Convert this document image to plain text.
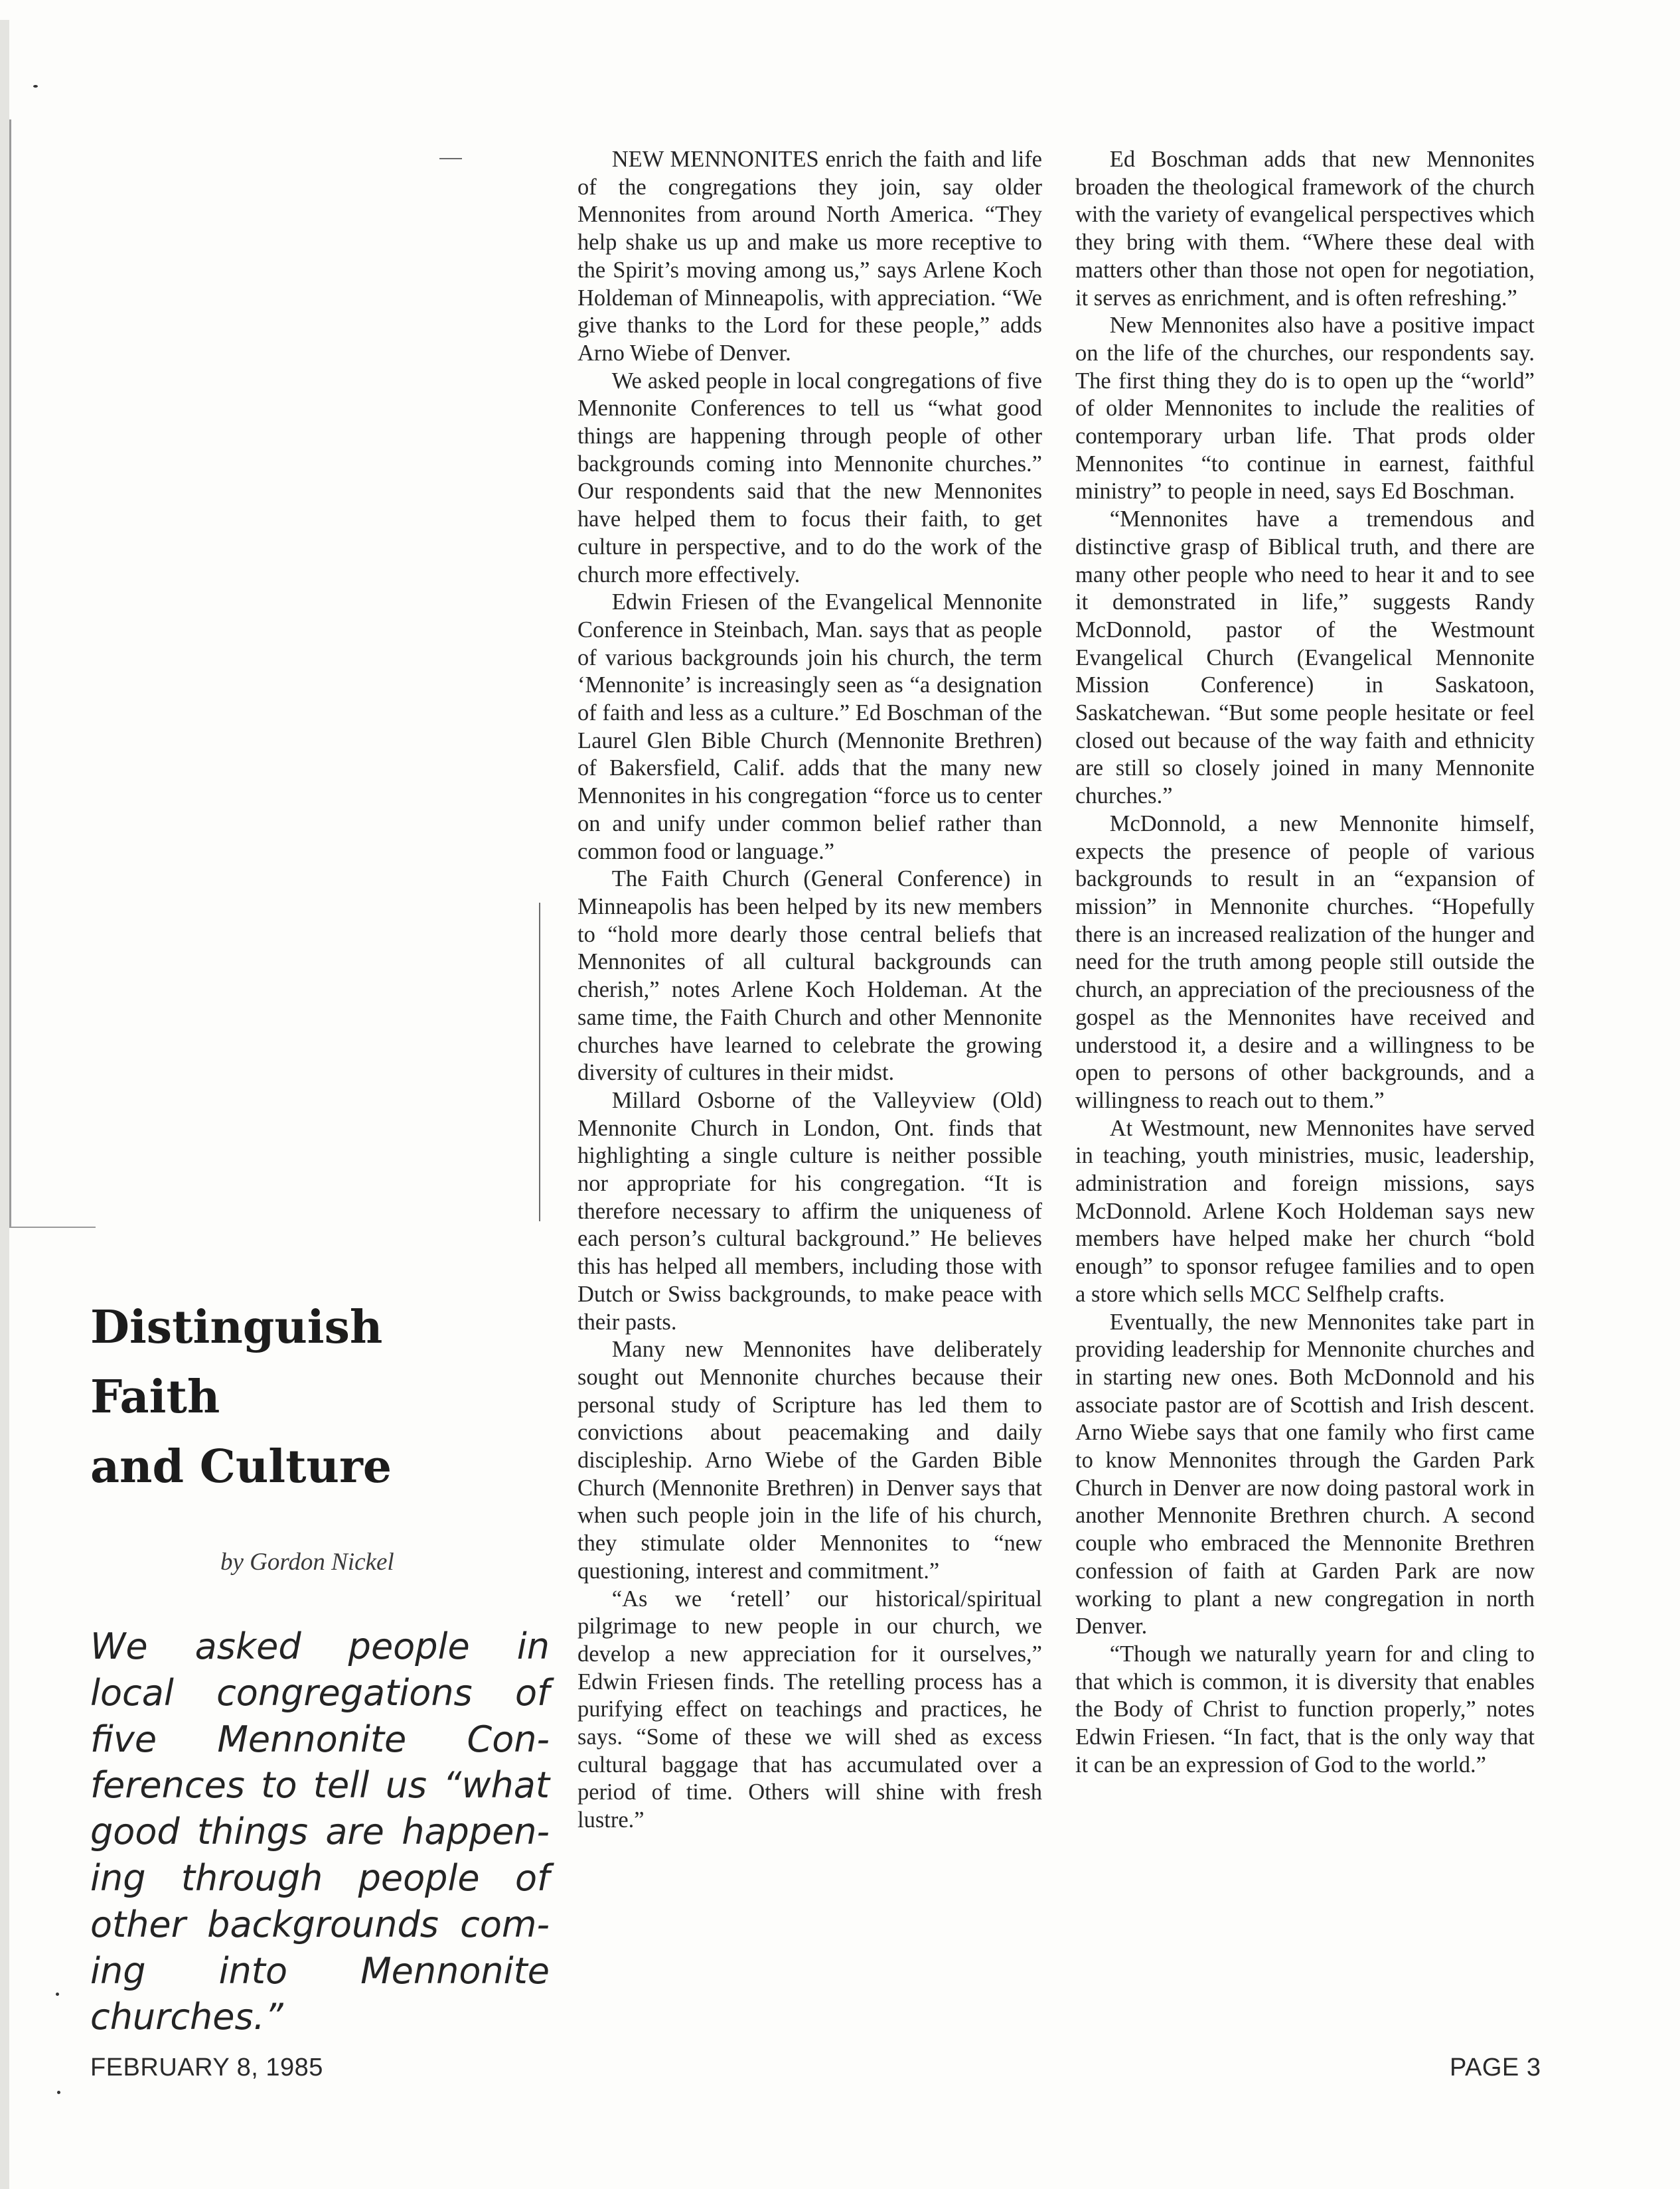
Distinguish
Faith
and Culture
by Gordon Nickel
We asked people in
local congregations of
five Mennonite Con-
ferences to tell us “what
good things are happen-
ing through people of
other backgrounds com-
ing into Mennonite
churches.”

NEW MENNONITES enrich the faith and life of the congregations they join, say older Mennonites from around North America. “They help shake us up and make us more receptive to the Spirit’s moving among us,” says Arlene Koch Holdeman of Minneapolis, with appreciation. “We give thanks to the Lord for these people,” adds Arno Wiebe of Denver.

We asked people in local congregations of five Mennonite Conferences to tell us “what good things are happening through people of other backgrounds coming into Mennonite churches.” Our respondents said that the new Mennonites have helped them to focus their faith, to get culture in perspective, and to do the work of the church more effectively.

Edwin Friesen of the Evangelical Mennonite Conference in Steinbach, Man. says that as people of various backgrounds join his church, the term ‘Mennonite’ is increasingly seen as “a designation of faith and less as a culture.” Ed Boschman of the Laurel Glen Bible Church (Mennonite Brethren) of Bakersfield, Calif. adds that the many new Mennonites in his congregation “force us to center on and unify under common belief rather than common food or language.”

The Faith Church (General Conference) in Minneapolis has been helped by its new members to “hold more dearly those central beliefs that Mennonites of all cultural backgrounds can cherish,” notes Arlene Koch Holdeman. At the same time, the Faith Church and other Mennonite churches have learned to celebrate the growing diversity of cultures in their midst.

Millard Osborne of the Valleyview (Old) Mennonite Church in London, Ont. finds that highlighting a single culture is neither possible nor appropriate for his congregation. “It is therefore necessary to affirm the uniqueness of each person’s cultural background.” He believes this has helped all members, including those with Dutch or Swiss backgrounds, to make peace with their pasts.

Many new Mennonites have deliberately sought out Mennonite churches because their personal study of Scripture has led them to convictions about peacemaking and daily discipleship. Arno Wiebe of the Garden Bible Church (Mennonite Brethren) in Denver says that when such people join in the life of his church, they stimulate older Mennonites to “new questioning, interest and commitment.”

“As we ‘retell’ our historical/spiritual pilgrimage to new people in our church, we develop a new appreciation for it ourselves,” Edwin Friesen finds. The retelling process has a purifying effect on teachings and practices, he says. “Some of these we will shed as excess cultural baggage that has accumulated over a period of time. Others will shine with fresh lustre.”

Ed Boschman adds that new Mennonites broaden the theological framework of the church with the variety of evangelical perspectives which they bring with them. “Where these deal with matters other than those not open for negotiation, it serves as enrichment, and is often refreshing.”

New Mennonites also have a positive impact on the life of the churches, our respondents say. The first thing they do is to open up the “world” of older Mennonites to include the realities of contemporary urban life. That prods older Mennonites “to continue in earnest, faithful ministry” to people in need, says Ed Boschman.

“Mennonites have a tremendous and distinctive grasp of Biblical truth, and there are many other people who need to hear it and to see it demonstrated in life,” suggests Randy McDonnold, pastor of the Westmount Evangelical Church (Evangelical Mennonite Mission Conference) in Saskatoon, Saskatchewan. “But some people hesitate or feel closed out because of the way faith and ethnicity are still so closely joined in many Mennonite churches.”

McDonnold, a new Mennonite himself, expects the presence of people of various backgrounds to result in an “expansion of mission” in Mennonite churches. “Hopefully there is an increased realization of the hunger and need for the truth among people still outside the church, an appreciation of the preciousness of the gospel as the Mennonites have received and understood it, a desire and a willingness to be open to persons of other backgrounds, and a willingness to reach out to them.”

At Westmount, new Mennonites have served in teaching, youth ministries, music, leadership, administration and foreign missions, says McDonnold. Arlene Koch Holdeman says new members have helped make her church “bold enough” to sponsor refugee families and to open a store which sells MCC Selfhelp crafts.

Eventually, the new Mennonites take part in providing leadership for Mennonite churches and in starting new ones. Both McDonnold and his associate pastor are of Scottish and Irish descent. Arno Wiebe says that one family who first came to know Mennonites through the Garden Park Church in Denver are now doing pastoral work in another Mennonite Brethren church. A second couple who embraced the Mennonite Brethren confession of faith at Garden Park are now working to plant a new congregation in north Denver.

“Though we naturally yearn for and cling to that which is common, it is diversity that enables the Body of Christ to function properly,” notes Edwin Friesen. “In fact, that is the only way that it can be an expression of God to the world.”

FEBRUARY 8, 1985	PAGE 3
